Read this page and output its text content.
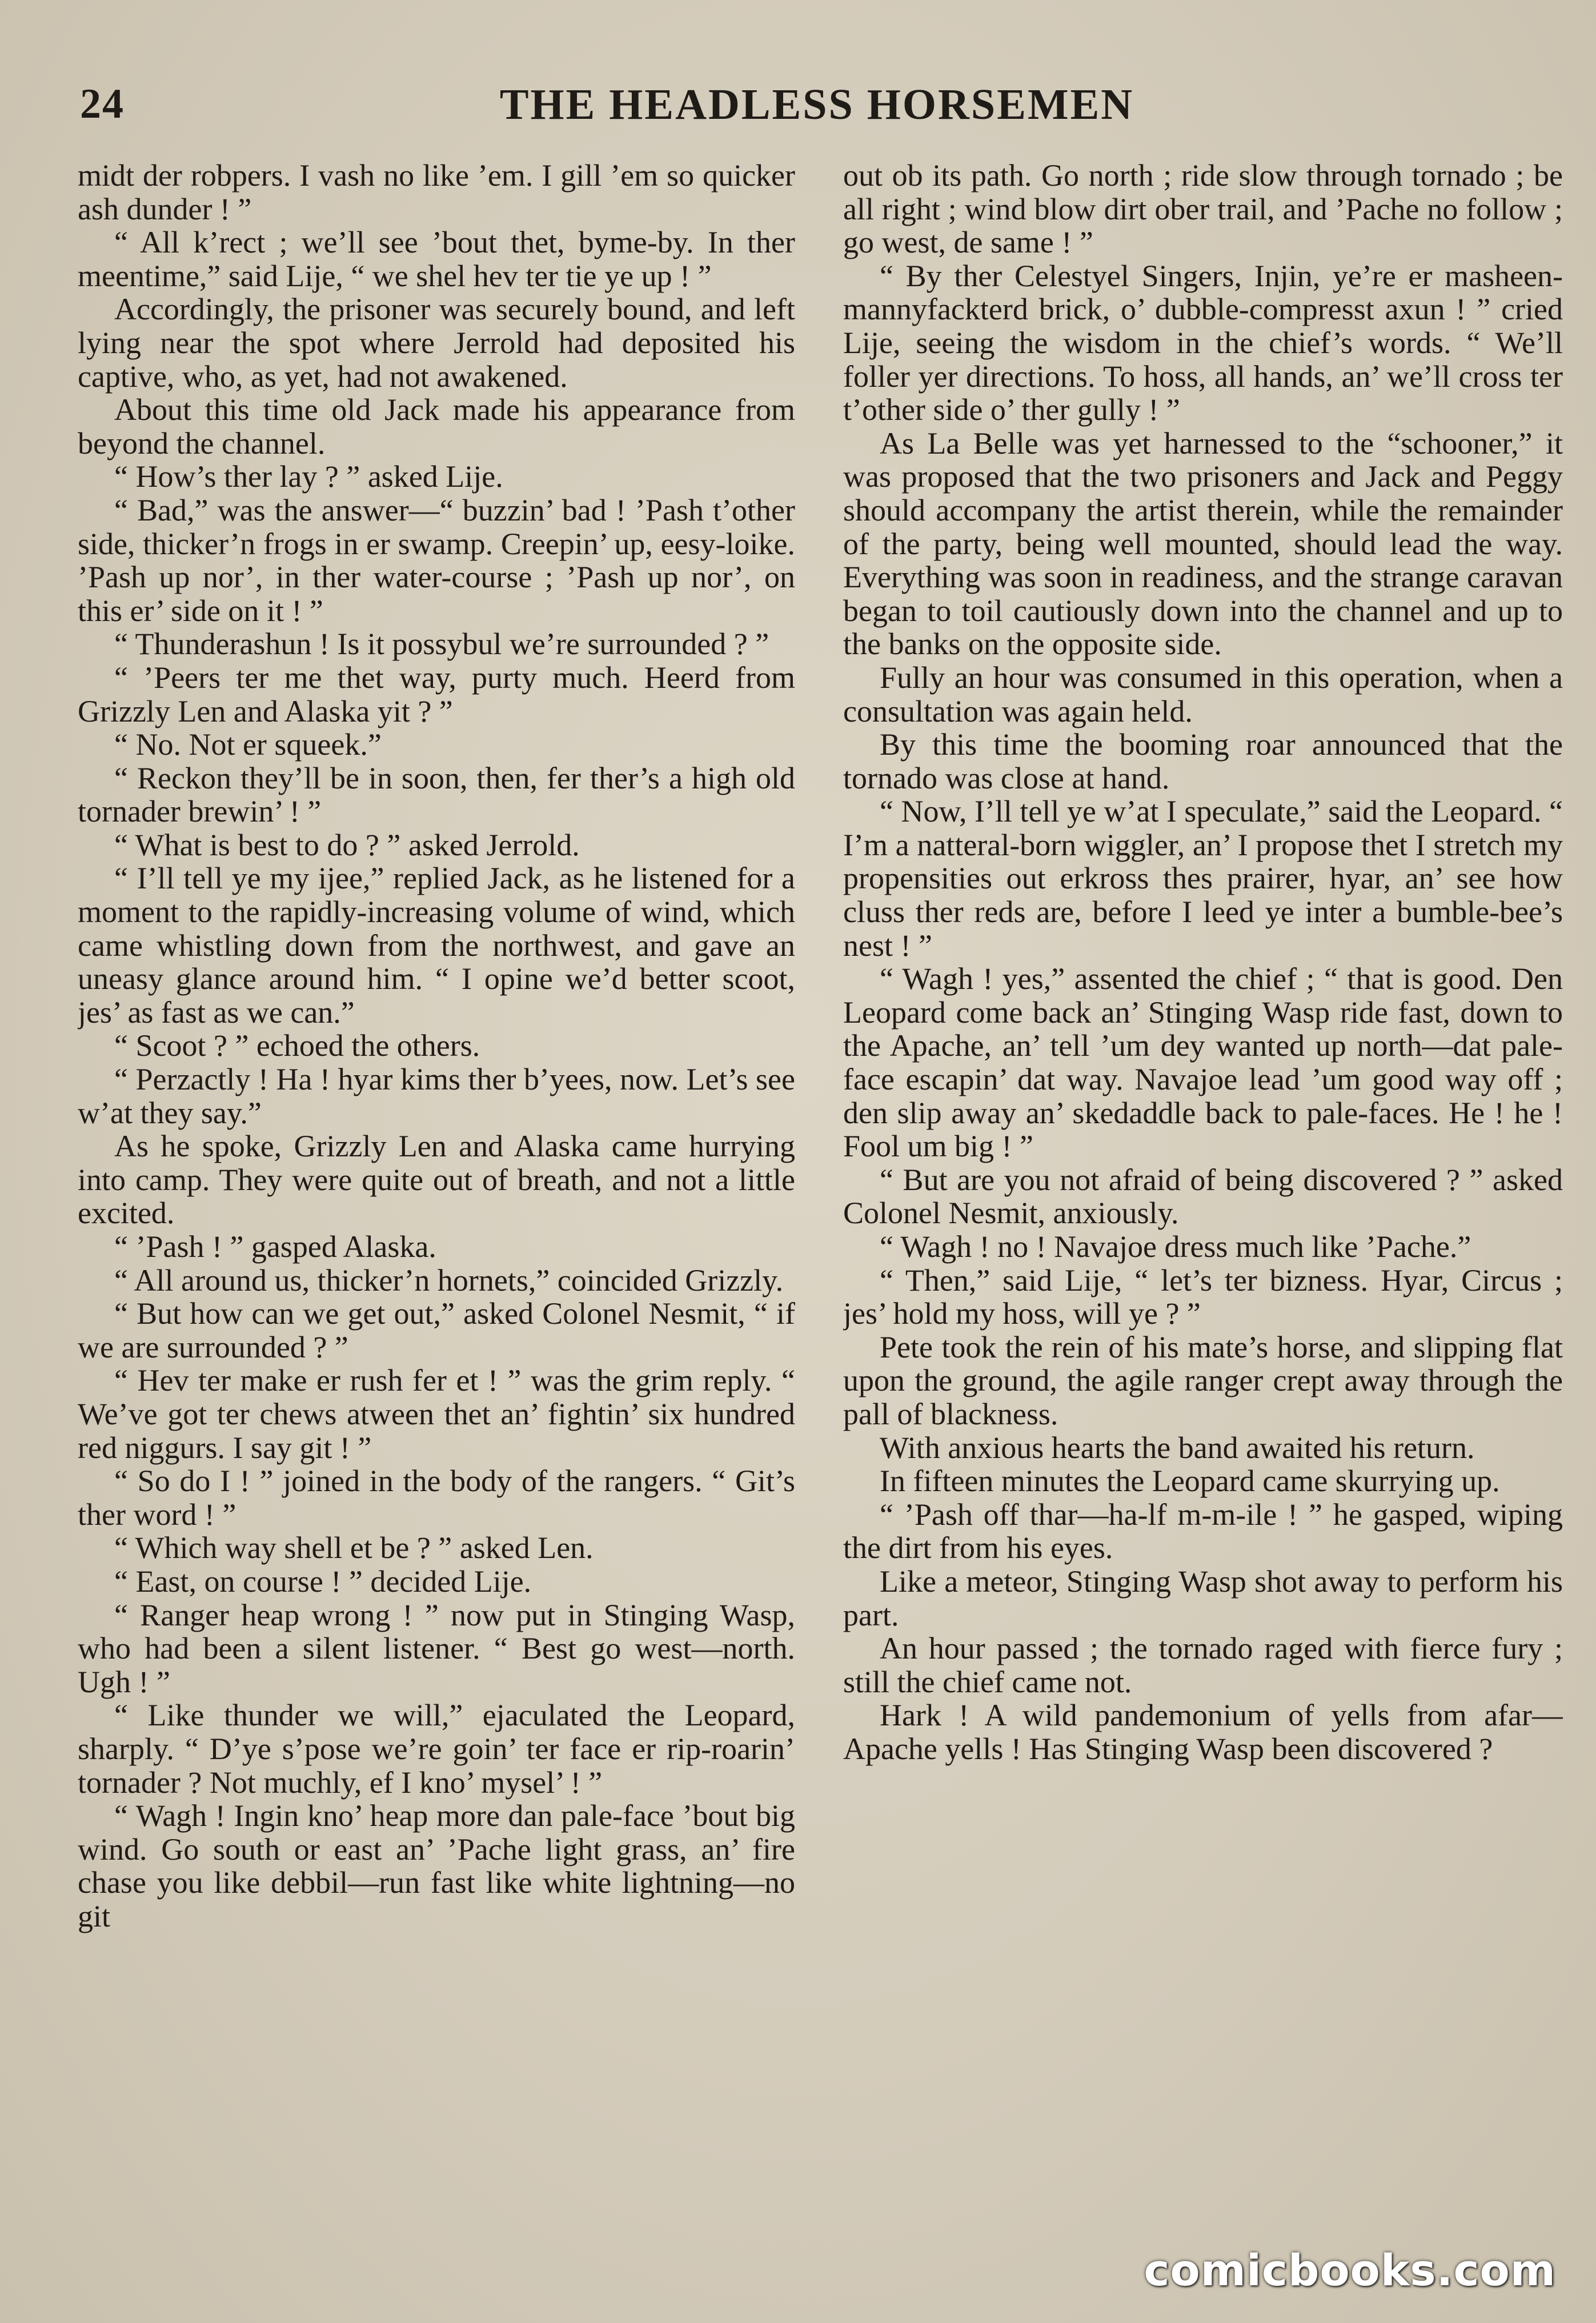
24	THE HEADLESS HORSEMEN

midt der robpers. I vash no like ’em. I gill ’em so quicker ash dunder ! ”

“ All k’rect ; we’ll see ’bout thet, byme-by. In ther meentime,” said Lije, “ we shel hev ter tie ye up ! ”

Accordingly, the prisoner was securely bound, and left lying near the spot where Jerrold had deposited his captive, who, as yet, had not awakened.

About this time old Jack made his appearance from beyond the channel.

“ How’s ther lay ? ” asked Lije.

“ Bad,” was the answer—“ buzzin’ bad ! ’Pash t’other side, thicker’n frogs in er swamp. Creepin’ up, eesy-loike. ’Pash up nor’, in ther water-course ; ’Pash up nor’, on this er’ side on it ! ”

“ Thunderashun ! Is it possybul we’re surrounded ? ”

“ ’Peers ter me thet way, purty much. Heerd from Grizzly Len and Alaska yit ? ”

“ No. Not er squeek.”

“ Reckon they’ll be in soon, then, fer ther’s a high old tornader brewin’ ! ”

“ What is best to do ? ” asked Jerrold.

“ I’ll tell ye my ijee,” replied Jack, as he listened for a moment to the rapidly-increasing volume of wind, which came whistling down from the northwest, and gave an uneasy glance around him. “ I opine we’d better scoot, jes’ as fast as we can.”

“ Scoot ? ” echoed the others.

“ Perzactly ! Ha ! hyar kims ther b’yees, now. Let’s see w’at they say.”

As he spoke, Grizzly Len and Alaska came hurrying into camp. They were quite out of breath, and not a little excited.

“ ’Pash ! ” gasped Alaska.

“ All around us, thicker’n hornets,” coincided Grizzly.

“ But how can we get out,” asked Colonel Nesmit, “ if we are surrounded ? ”

“ Hev ter make er rush fer et ! ” was the grim reply. “ We’ve got ter chews atween thet an’ fightin’ six hundred red niggurs. I say git ! ”

“ So do I ! ” joined in the body of the rangers. “ Git’s ther word ! ”

“ Which way shell et be ? ” asked Len.

“ East, on course ! ” decided Lije.

“ Ranger heap wrong ! ” now put in Stinging Wasp, who had been a silent listener. “ Best go west—north. Ugh ! ”

“ Like thunder we will,” ejaculated the Leopard, sharply. “ D’ye s’pose we’re goin’ ter face er rip-roarin’ tornader ? Not muchly, ef I kno’ mysel’ ! ”

“ Wagh ! Ingin kno’ heap more dan pale-face ’bout big wind. Go south or east an’ ’Pache light grass, an’ fire chase you like debbil—run fast like white lightning—no git

out ob its path. Go north ; ride slow through tornado ; be all right ; wind blow dirt ober trail, and ’Pache no follow ; go west, de same ! ”

“ By ther Celestyel Singers, Injin, ye’re er masheen-mannyfackterd brick, o’ dubble-compresst axun ! ” cried Lije, seeing the wisdom in the chief’s words. “ We’ll foller yer directions. To hoss, all hands, an’ we’ll cross ter t’other side o’ ther gully ! ”

As La Belle was yet harnessed to the “schooner,” it was proposed that the two prisoners and Jack and Peggy should accompany the artist therein, while the remainder of the party, being well mounted, should lead the way. Everything was soon in readiness, and the strange caravan began to toil cautiously down into the channel and up to the banks on the opposite side.

Fully an hour was consumed in this operation, when a consultation was again held.

By this time the booming roar announced that the tornado was close at hand.

“ Now, I’ll tell ye w’at I speculate,” said the Leopard. “ I’m a natteral-born wiggler, an’ I propose thet I stretch my propensities out erkross thes prairer, hyar, an’ see how cluss ther reds are, before I leed ye inter a bumble-bee’s nest ! ”

“ Wagh ! yes,” assented the chief ; “ that is good. Den Leopard come back an’ Stinging Wasp ride fast, down to the Apache, an’ tell ’um dey wanted up north—dat pale-face escapin’ dat way. Navajoe lead ’um good way off ; den slip away an’ skedaddle back to pale-faces. He ! he ! Fool um big ! ”

“ But are you not afraid of being discovered ? ” asked Colonel Nesmit, anxiously.

“ Wagh ! no ! Navajoe dress much like ’Pache.”

“ Then,” said Lije, “ let’s ter bizness. Hyar, Circus ; jes’ hold my hoss, will ye ? ”

Pete took the rein of his mate’s horse, and slipping flat upon the ground, the agile ranger crept away through the pall of blackness.

With anxious hearts the band awaited his return.

In fifteen minutes the Leopard came skurrying up.

“ ’Pash off thar—ha-lf m-m-ile ! ” he gasped, wiping the dirt from his eyes.

Like a meteor, Stinging Wasp shot away to perform his part.

An hour passed ; the tornado raged with fierce fury ; still the chief came not.

Hark ! A wild pandemonium of yells from afar—Apache yells ! Has Stinging Wasp been discovered ?

comicbooks.com
